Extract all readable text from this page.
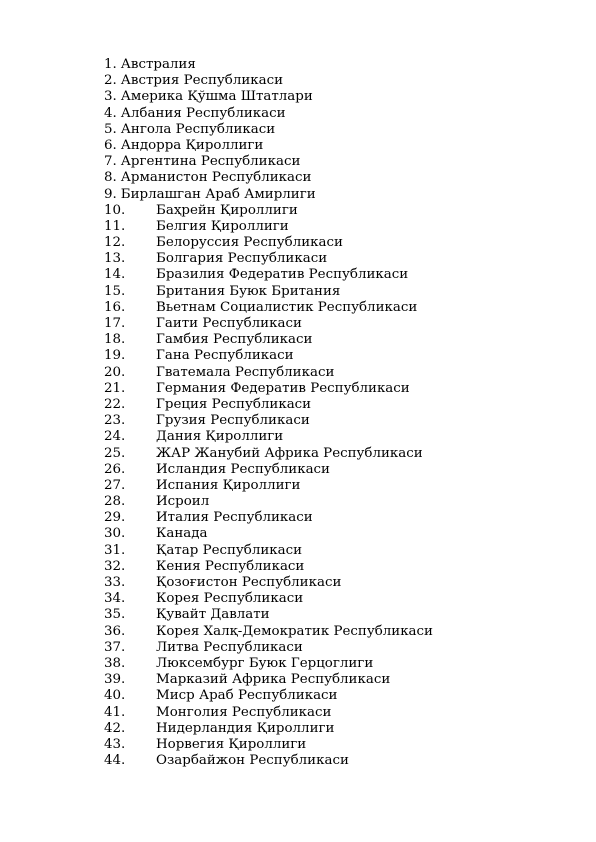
1. Австралия
2. Австрия Республикаси
3. Америка Қўшма Штатлари
4. Албания Республикаси
5. Ангола Республикаси
6. Андорра Қироллиги
7. Аргентина Республикаси
8. Арманистон Республикаси
9. Бирлашган Араб Амирлиги
10. Баҳрейн Қироллиги
11. Белгия Қироллиги
12. Белоруссия Республикаси
13. Болгария Республикаси
14. Бразилия Федератив Республикаси
15. Британия Буюк Британия
16. Вьетнам Социалистик Республикаси
17. Гаити Республикаси
18. Гамбия Республикаси
19. Гана Республикаси
20. Гватемала Республикаси
21. Германия Федератив Республикаси
22. Греция Республикаси
23. Грузия Республикаси
24. Дания Қироллиги
25. ЖАР Жанубий Африка Республикаси
26. Исландия Республикаси
27. Испания Қироллиги
28. Исроил
29. Италия Республикаси
30. Канада
31. Қатар Республикаси
32. Кения Республикаси
33. Қозоғистон Республикаси
34. Корея Республикаси
35. Қувайт Давлати
36. Корея Халқ-Демократик Республикаси
37. Литва Республикаси
38. Люксембург Буюк Герцоглиги
39. Марказий Африка Республикаси
40. Миср Араб Республикаси
41. Монголия Республикаси
42. Нидерландия Қироллиги
43. Норвегия Қироллиги
44. Озарбайжон Республикаси
